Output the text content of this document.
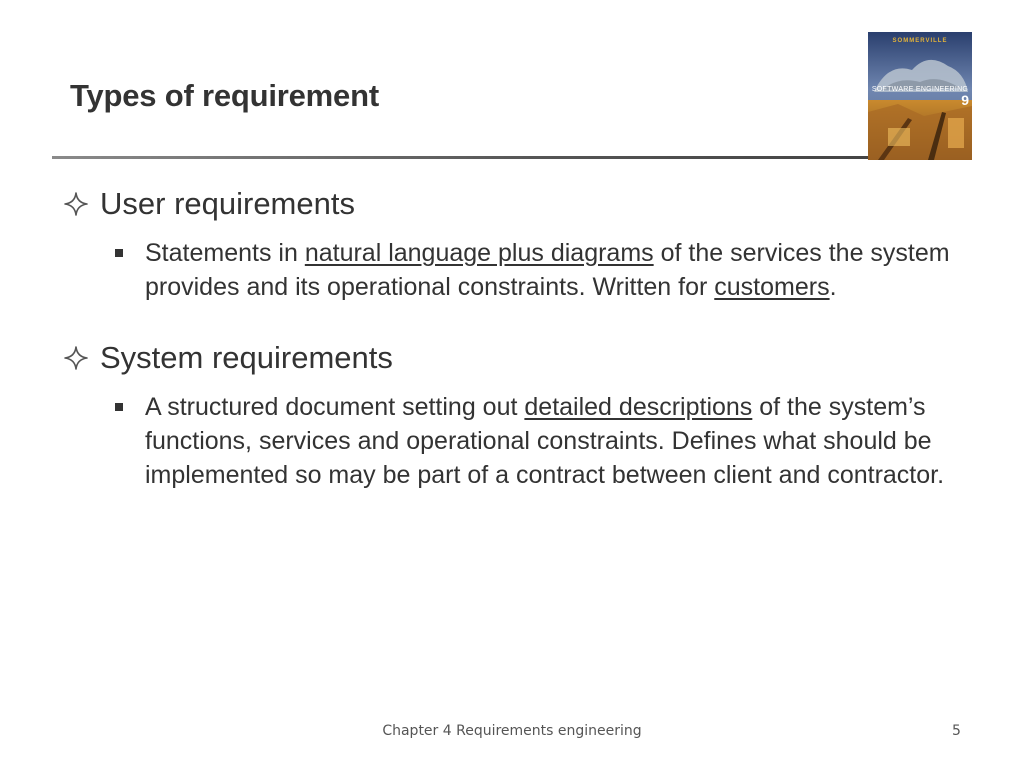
Types of requirement
SOMMERVILLE
SOFTWARE ENGINEERING
9
User requirements
Statements in natural language plus diagrams of the services the system provides and its operational constraints. Written for customers.
System requirements
A structured document setting out detailed descriptions of the system’s functions, services and operational constraints. Defines what should be implemented so may be part of a contract between client and contractor.
Chapter 4 Requirements engineering	5
